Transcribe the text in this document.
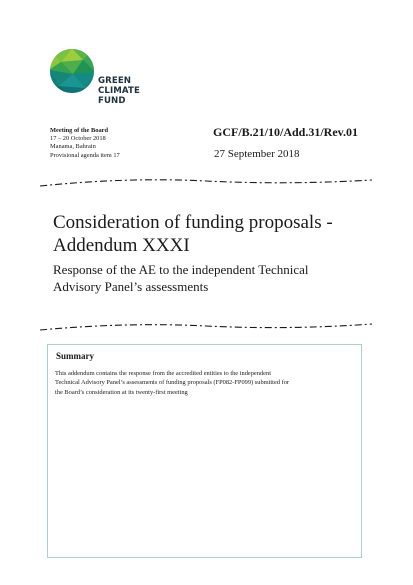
GREEN
CLIMATE
FUND
Meeting of the Board
17 – 20 October 2018
Manama, Bahrain
Provisional agenda item 17
GCF/B.21/10/Add.31/Rev.01
27 September 2018
Consideration of funding proposals -
Addendum XXXI
Response of the AE to the independent Technical
Advisory Panel’s assessments
Summary
This addendum contains the response from the accredited entities to the independent
Technical Advisory Panel’s assessments of funding proposals (FP082-FP099) submitted for
the Board’s consideration at its twenty-first meeting
